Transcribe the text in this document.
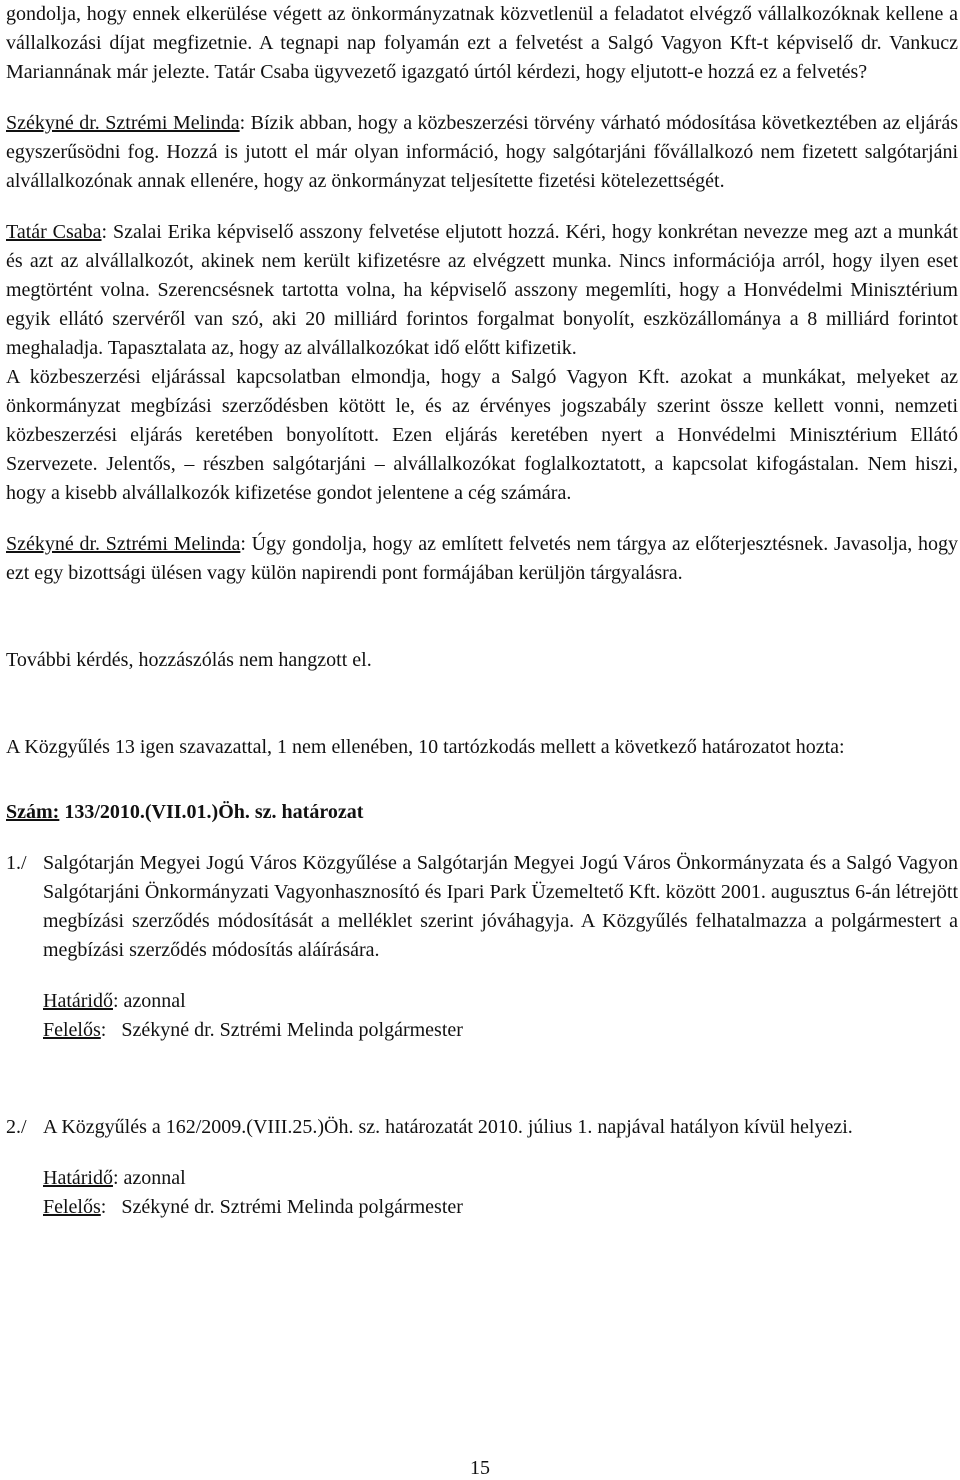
gondolja, hogy ennek elkerülése végett az önkormányzatnak közvetlenül a feladatot elvégző vállalkozóknak kellene a vállalkozási díjat megfizetnie. A tegnapi nap folyamán ezt a felvetést a Salgó Vagyon Kft-t képviselő dr. Vankucz Mariannának már jelezte. Tatár Csaba ügyvezető igazgató úrtól kérdezi, hogy eljutott-e hozzá ez a felvetés?

Székyné dr. Sztrémi Melinda: Bízik abban, hogy a közbeszerzési törvény várható módosítása következtében az eljárás egyszerűsödni fog. Hozzá is jutott el már olyan információ, hogy salgótarjáni fővállalkozó nem fizetett salgótarjáni alvállalkozónak annak ellenére, hogy az önkormányzat teljesítette fizetési kötelezettségét.

Tatár Csaba: Szalai Erika képviselő asszony felvetése eljutott hozzá. Kéri, hogy konkrétan nevezze meg azt a munkát és azt az alvállalkozót, akinek nem került kifizetésre az elvégzett munka. Nincs információja arról, hogy ilyen eset megtörtént volna. Szerencsésnek tartotta volna, ha képviselő asszony megemlíti, hogy a Honvédelmi Minisztérium egyik ellátó szervéről van szó, aki 20 milliárd forintos forgalmat bonyolít, eszközállománya a 8 milliárd forintot meghaladja. Tapasztalata az, hogy az alvállalkozókat idő előtt kifizetik.

A közbeszerzési eljárással kapcsolatban elmondja, hogy a Salgó Vagyon Kft. azokat a munkákat, melyeket az önkormányzat megbízási szerződésben kötött le, és az érvényes jogszabály szerint össze kellett vonni, nemzeti közbeszerzési eljárás keretében bonyolított. Ezen eljárás keretében nyert a Honvédelmi Minisztérium Ellátó Szervezete. Jelentős, – részben salgótarjáni – alvállalkozókat foglalkoztatott, a kapcsolat kifogástalan. Nem hiszi, hogy a kisebb alvállalkozók kifizetése gondot jelentene a cég számára.

Székyné dr. Sztrémi Melinda: Úgy gondolja, hogy az említett felvetés nem tárgya az előterjesztésnek. Javasolja, hogy ezt egy bizottsági ülésen vagy külön napirendi pont formájában kerüljön tárgyalásra.

További kérdés, hozzászólás nem hangzott el.

A Közgyűlés 13 igen szavazattal, 1 nem ellenében, 10 tartózkodás mellett a következő határozatot hozta:

Szám: 133/2010.(VII.01.)Öh. sz. határozat

1./ Salgótarján Megyei Jogú Város Közgyűlése a Salgótarján Megyei Jogú Város Önkormányzata és a Salgó Vagyon Salgótarjáni Önkormányzati Vagyonhasznosító és Ipari Park Üzemeltető Kft. között 2001. augusztus 6-án létrejött megbízási szerződés módosítását a melléklet szerint jóváhagyja. A Közgyűlés felhatalmazza a polgármestert a megbízási szerződés módosítás aláírására.

Határidő: azonnal
Felelős:   Székyné dr. Sztrémi Melinda polgármester
2./ A Közgyűlés a 162/2009.(VIII.25.)Öh. sz. határozatát 2010. július 1. napjával hatályon kívül helyezi.

Határidő: azonnal
Felelős:   Székyné dr. Sztrémi Melinda polgármester
15
